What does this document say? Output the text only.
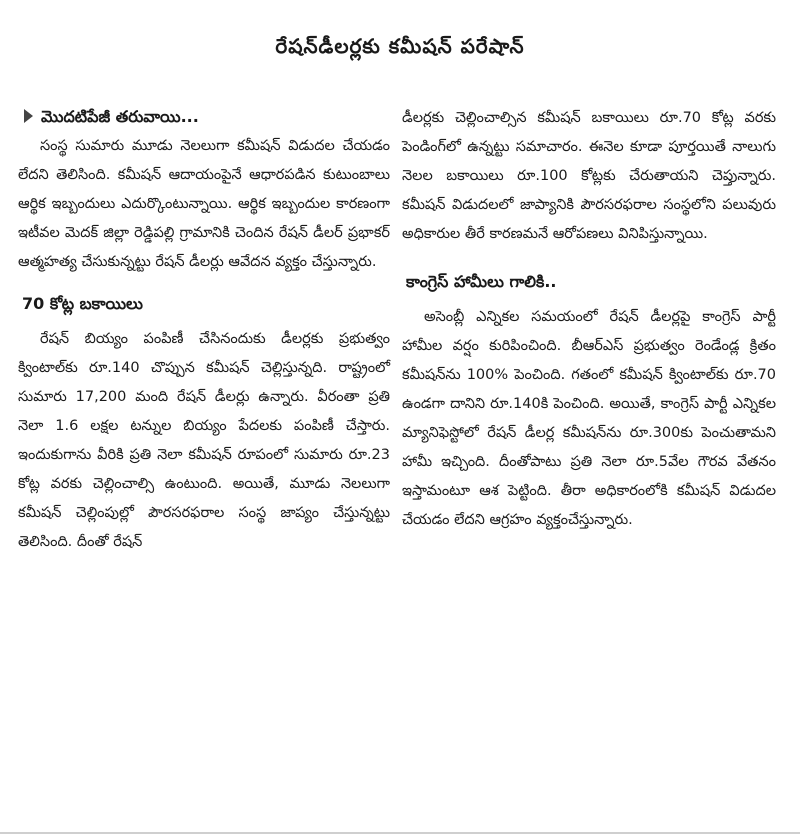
రేషన్‌డీలర్లకు కమీషన్ పరేషాన్
మొదటిపేజీ తరువాయి...

సంస్థ సుమారు మూడు నెలలుగా కమీషన్ విడుదల చేయడం లేదని తెలిసింది. కమీషన్ ఆదాయంపైనే ఆధారపడిన కుటుంబాలు ఆర్థిక ఇబ్బందులు ఎదుర్కొంటున్నాయి. ఆర్థిక ఇబ్బందుల కారణంగా ఇటీవల మెదక్ జిల్లా రెడ్డిపల్లి గ్రామానికి చెందిన రేషన్ డీలర్ ప్రభాకర్ ఆత్మహత్య చేసుకున్నట్టు రేషన్ డీలర్లు ఆవేదన వ్యక్తం చేస్తున్నారు.

70 కోట్ల బకాయిలు

రేషన్ బియ్యం పంపిణీ చేసినందుకు డీలర్లకు ప్రభుత్వం క్వింటాల్‌కు రూ.140 చొప్పున కమీషన్ చెల్లిస్తున్నది. రాష్ట్రంలో సుమారు 17,200 మంది రేషన్ డీలర్లు ఉన్నారు. వీరంతా ప్రతి నెలా 1.6 లక్షల టన్నుల బియ్యం పేదలకు పంపిణీ చేస్తారు. ఇందుకుగాను వీరికి ప్రతి నెలా కమీషన్ రూపంలో సుమారు రూ.23 కోట్ల వరకు చెల్లించాల్సి ఉంటుంది. అయితే, మూడు నెలలుగా కమీషన్ చెల్లింపుల్లో పౌరసరఫరాల సంస్థ జాప్యం చేస్తున్నట్టు తెలిసింది. దీంతో రేషన్

డీలర్లకు చెల్లించాల్సిన కమీషన్ బకాయిలు రూ.70 కోట్ల వరకు పెండింగ్‌లో ఉన్నట్టు సమాచారం. ఈనెల కూడా పూర్తయితే నాలుగు నెలల బకాయిలు రూ.100 కోట్లకు చేరుతాయని చెప్తున్నారు. కమీషన్ విడుదలలో జాప్యానికి పౌరసరఫరాల సంస్థలోని పలువురు అధికారుల తీరే కారణమనే ఆరోపణలు వినిపిస్తున్నాయి.

కాంగ్రెస్ హామీలు గాలికి..

అసెంబ్లీ ఎన్నికల సమయంలో రేషన్ డీలర్లపై కాంగ్రెస్ పార్టీ హామీల వర్షం కురిపించింది. బీఆర్ఎస్ ప్రభుత్వం రెండేండ్ల క్రితం కమీషన్‌ను 100% పెంచింది. గతంలో కమీషన్ క్వింటాల్‌కు రూ.70 ఉండగా దానిని రూ.140కి పెంచింది. అయితే, కాంగ్రెస్ పార్టీ ఎన్నికల మ్యానిఫెస్టోలో రేషన్ డీలర్ల కమీషన్‌ను రూ.300కు పెంచుతామని హామీ ఇచ్చింది. దీంతోపాటు ప్రతి నెలా రూ.5వేల గౌరవ వేతనం ఇస్తామంటూ ఆశ పెట్టింది. తీరా అధికారంలోకి కమీషన్ విడుదల చేయడం లేదని ఆగ్రహం వ్యక్తంచేస్తున్నారు.
